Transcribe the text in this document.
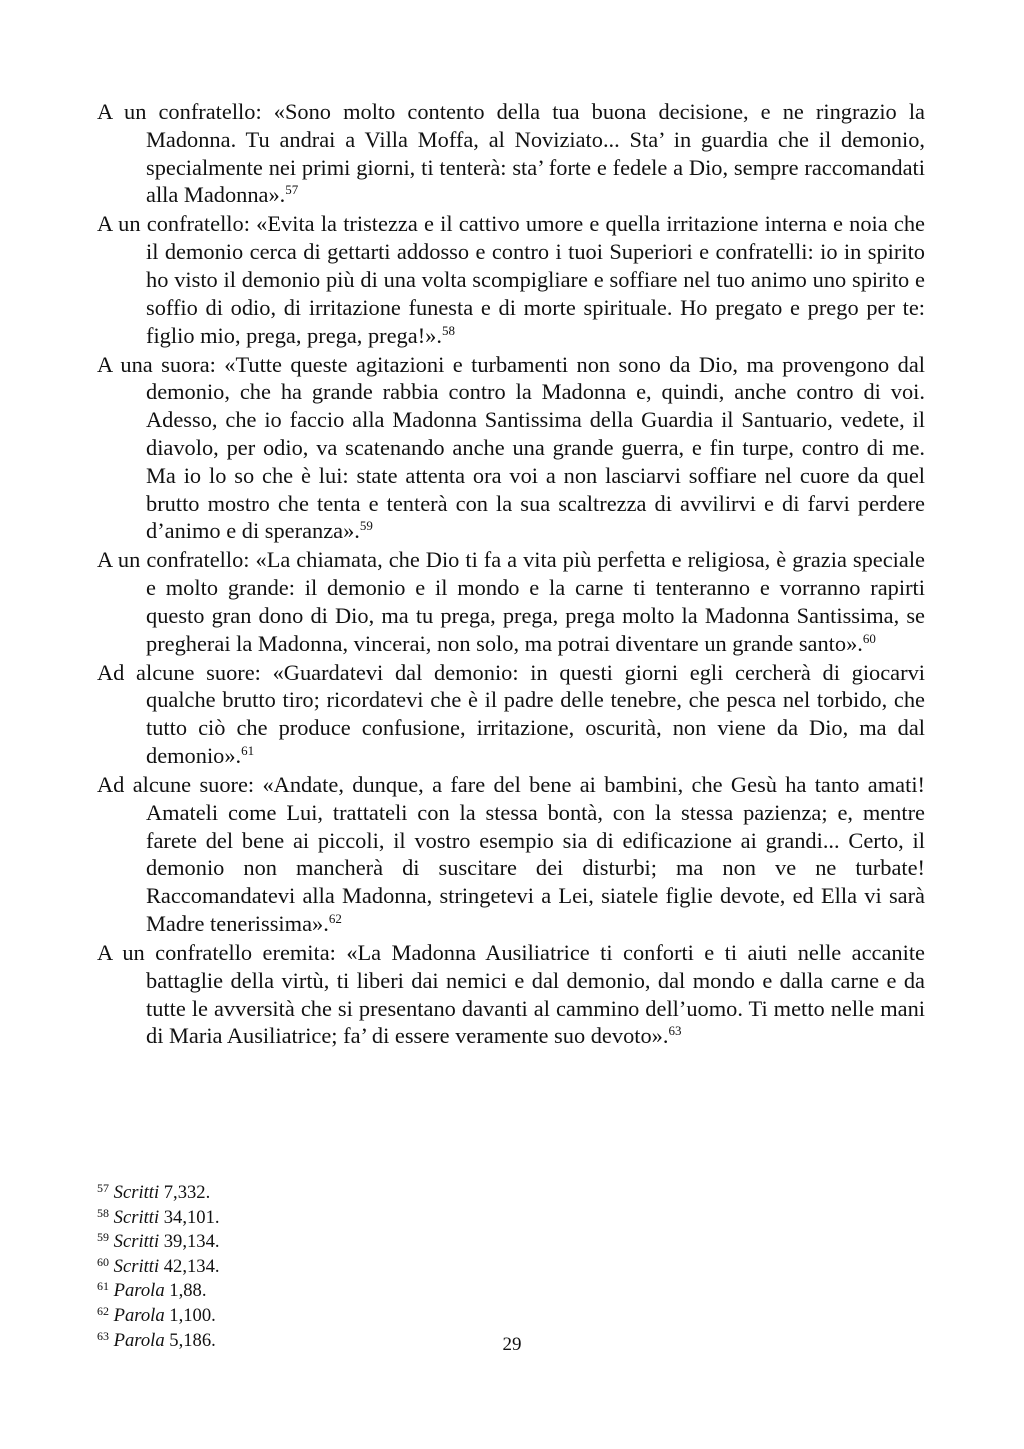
A un confratello: «Sono molto contento della tua buona decisione, e ne ringrazio la Madonna. Tu andrai a Villa Moffa, al Noviziato... Sta’ in guardia che il demonio, specialmente nei primi giorni, ti tenterà: sta’ forte e fedele a Dio, sempre raccomandati alla Madonna».$^{57}$

A un confratello: «Evita la tristezza e il cattivo umore e quella irritazione interna e noia che il demonio cerca di gettarti addosso e contro i tuoi Superiori e confratelli: io in spirito ho visto il demonio più di una volta scompigliare e soffiare nel tuo animo uno spirito e soffio di odio, di irritazione funesta e di morte spirituale. Ho pregato e prego per te: figlio mio, prega, prega, prega!».$^{58}$

A una suora: «Tutte queste agitazioni e turbamenti non sono da Dio, ma provengono dal demonio, che ha grande rabbia contro la Madonna e, quindi, anche contro di voi. Adesso, che io faccio alla Madonna Santissima della Guardia il Santuario, vedete, il diavolo, per odio, va scatenando anche una grande guerra, e fin turpe, contro di me. Ma io lo so che è lui: state attenta ora voi a non lasciarvi soffiare nel cuore da quel brutto mostro che tenta e tenterà con la sua scaltrezza di avvilirvi e di farvi perdere d’animo e di speranza».$^{59}$

A un confratello: «La chiamata, che Dio ti fa a vita più perfetta e religiosa, è grazia speciale e molto grande: il demonio e il mondo e la carne ti tenteranno e vorranno rapirti questo gran dono di Dio, ma tu prega, prega, prega molto la Madonna Santissima, se pregherai la Madonna, vincerai, non solo, ma potrai diventare un grande santo».$^{60}$

Ad alcune suore: «Guardatevi dal demonio: in questi giorni egli cercherà di giocarvi qualche brutto tiro; ricordatevi che è il padre delle tenebre, che pesca nel torbido, che tutto ciò che produce confusione, irritazione, oscurità, non viene da Dio, ma dal demonio».$^{61}$

Ad alcune suore: «Andate, dunque, a fare del bene ai bambini, che Gesù ha tanto amati! Amateli come Lui, trattateli con la stessa bontà, con la stessa pazienza; e, mentre farete del bene ai piccoli, il vostro esempio sia di edificazione ai grandi... Certo, il demonio non mancherà di suscitare dei disturbi; ma non ve ne turbate! Raccomandatevi alla Madonna, stringetevi a Lei, siatele figlie devote, ed Ella vi sarà Madre tenerissima».$^{62}$

A un confratello eremita: «La Madonna Ausiliatrice ti conforti e ti aiuti nelle accanite battaglie della virtù, ti liberi dai nemici e dal demonio, dal mondo e dalla carne e da tutte le avversità che si presentano davanti al cammino dell’uomo. Ti metto nelle mani di Maria Ausiliatrice; fa’ di essere veramente suo devoto».$^{63}$

$^{57}$ Scritti 7,332.

$^{58}$ Scritti 34,101.

$^{59}$ Scritti 39,134.

$^{60}$ Scritti 42,134.

$^{61}$ Parola 1,88.

$^{62}$ Parola 1,100.

$^{63}$ Parola 5,186.	29
